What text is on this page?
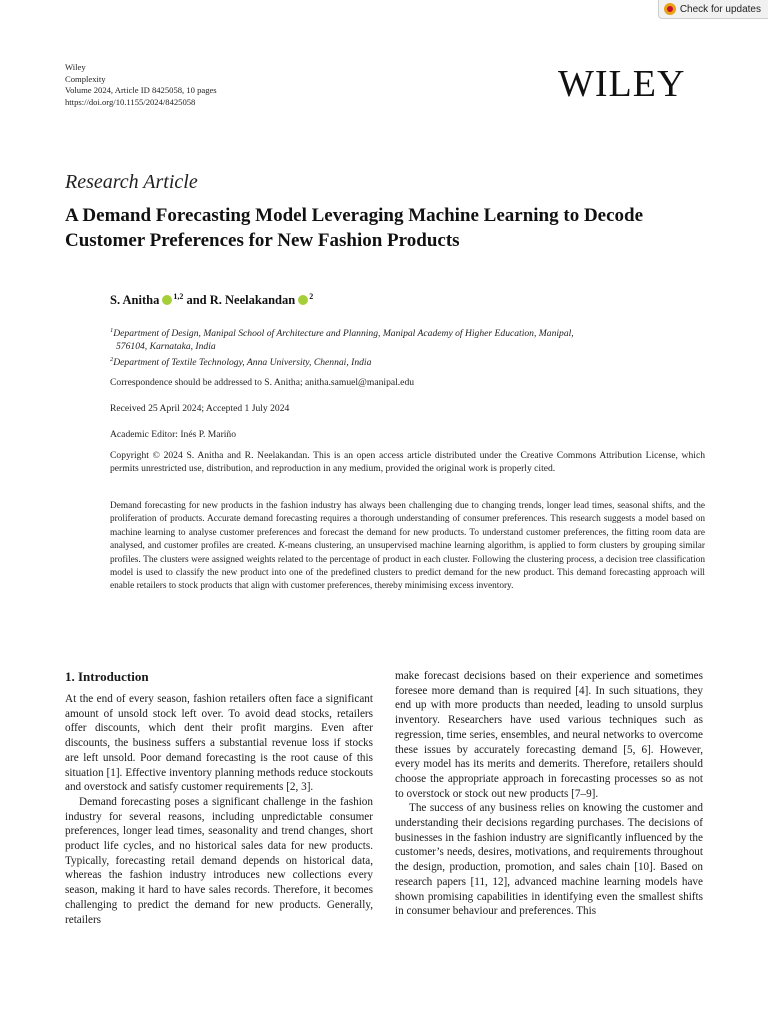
Check for updates
Wiley
Complexity
Volume 2024, Article ID 8425058, 10 pages
https://doi.org/10.1155/2024/8425058	WILEY
Research Article
A Demand Forecasting Model Leveraging Machine Learning to Decode Customer Preferences for New Fashion Products
S. Anitha $^{1,2}$ and R. Neelakandan $^2$
$^1$Department of Design, Manipal School of Architecture and Planning, Manipal Academy of Higher Education, Manipal,
576104, Karnataka, India
$^2$Department of Textile Technology, Anna University, Chennai, India
Correspondence should be addressed to S. Anitha; anitha.samuel@manipal.edu
Received 25 April 2024; Accepted 1 July 2024
Academic Editor: Inés P. Mariño
Copyright © 2024 S. Anitha and R. Neelakandan. This is an open access article distributed under the Creative Commons Attribution License, which permits unrestricted use, distribution, and reproduction in any medium, provided the original work is properly cited.
Demand forecasting for new products in the fashion industry has always been challenging due to changing trends, longer lead times, seasonal shifts, and the proliferation of products. Accurate demand forecasting requires a thorough understanding of consumer preferences. This research suggests a model based on machine learning to analyse customer preferences and forecast the demand for new products. To understand customer preferences, the fitting room data are analysed, and customer profiles are created. K-means clustering, an unsupervised machine learning algorithm, is applied to form clusters by grouping similar profiles. The clusters were assigned weights related to the percentage of product in each cluster. Following the clustering process, a decision tree classification model is used to classify the new product into one of the predefined clusters to predict demand for the new product. This demand forecasting approach will enable retailers to stock products that align with customer preferences, thereby minimising excess inventory.
1. Introduction

At the end of every season, fashion retailers often face a significant amount of unsold stock left over. To avoid dead stocks, retailers offer discounts, which dent their profit margins. Even after discounts, the business suffers a substantial revenue loss if stocks are left unsold. Poor demand forecasting is the root cause of this situation [1]. Effective inventory planning methods reduce stockouts and overstock and satisfy customer requirements [2, 3].

Demand forecasting poses a significant challenge in the fashion industry for several reasons, including unpredictable consumer preferences, longer lead times, seasonality and trend changes, short product life cycles, and no historical sales data for new products. Typically, forecasting retail demand depends on historical data, whereas the fashion industry introduces new collections every season, making it hard to have sales records. Therefore, it becomes challenging to predict the demand for new products. Generally, retailers

make forecast decisions based on their experience and sometimes foresee more demand than is required [4]. In such situations, they end up with more products than needed, leading to unsold surplus inventory. Researchers have used various techniques such as regression, time series, ensembles, and neural networks to overcome these issues by accurately forecasting demand [5, 6]. However, every model has its merits and demerits. Therefore, retailers should choose the appropriate approach in forecasting processes so as not to overstock or stock out new products [7–9].

The success of any business relies on knowing the customer and understanding their decisions regarding purchases. The decisions of businesses in the fashion industry are significantly influenced by the customer’s needs, desires, motivations, and requirements throughout the design, production, promotion, and sales chain [10]. Based on research papers [11, 12], advanced machine learning models have shown promising capabilities in identifying even the smallest shifts in consumer behaviour and preferences. This
